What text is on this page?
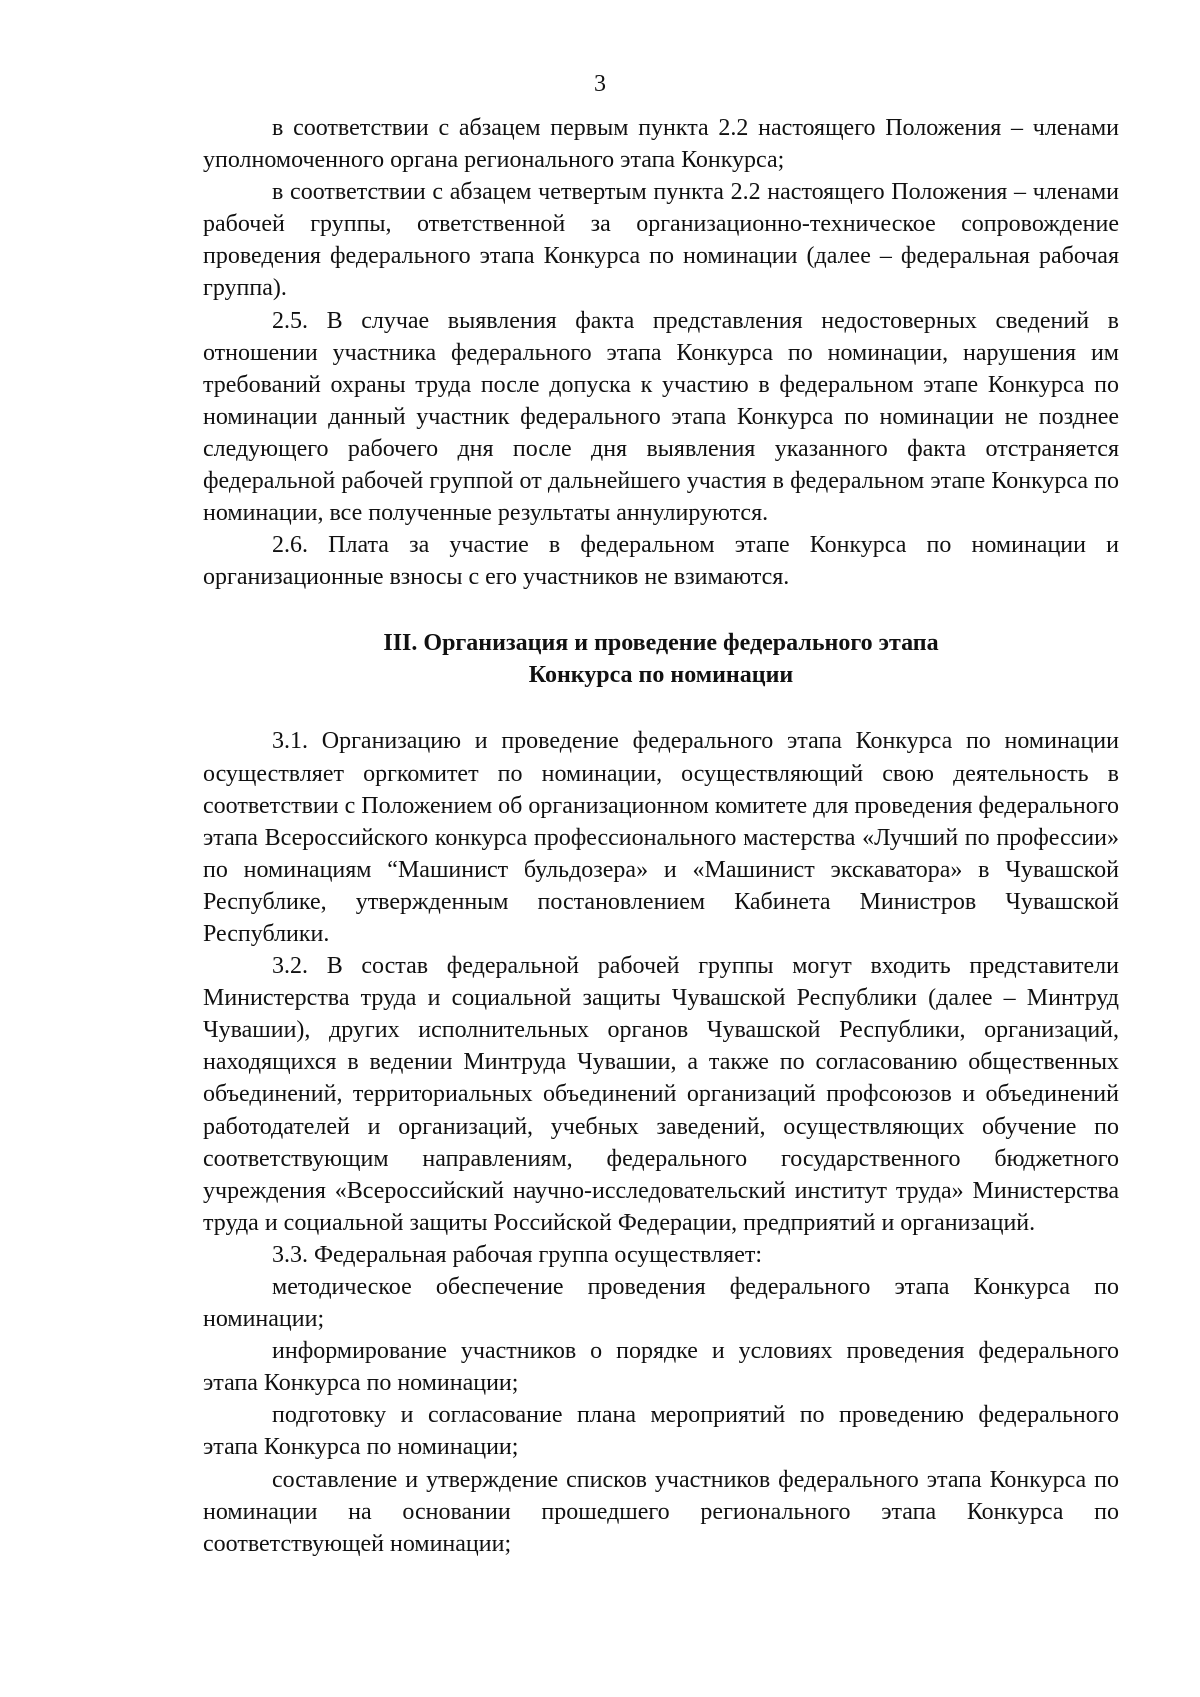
3

в соответствии с абзацем первым пункта 2.2 настоящего Положения – членами уполномоченного органа регионального этапа Конкурса;

в соответствии с абзацем четвертым пункта 2.2 настоящего Положения – членами рабочей группы, ответственной за организационно-техническое сопровождение проведения федерального этапа Конкурса по номинации (далее – федеральная рабочая группа).

2.5. В случае выявления факта представления недостоверных сведений в отношении участника федерального этапа Конкурса по номинации, нарушения им требований охраны труда после допуска к участию в федеральном этапе Конкурса по номинации данный участник федерального этапа Конкурса по номинации не позднее следующего рабочего дня после дня выявления указанного факта отстраняется федеральной рабочей группой от дальнейшего участия в федеральном этапе Конкурса по номинации, все полученные результаты аннулируются.

2.6. Плата за участие в федеральном этапе Конкурса по номинации и организационные взносы с его участников не взимаются.

III. Организация и проведение федерального этапа
Конкурса по номинации

3.1. Организацию и проведение федерального этапа Конкурса по номинации осуществляет оргкомитет по номинации, осуществляющий свою деятельность в соответствии с Положением об организационном комитете для проведения федерального этапа Всероссийского конкурса профессионального мастерства «Лучший по профессии» по номинациям “Машинист бульдозера» и «Машинист экскаватора» в Чувашской Республике, утвержденным постановлением Кабинета Министров Чувашской Республики.

3.2. В состав федеральной рабочей группы могут входить представители Министерства труда и социальной защиты Чувашской Республики (далее – Минтруд Чувашии), других исполнительных органов Чувашской Республики, организаций, находящихся в ведении Минтруда Чувашии, а также по согласованию общественных объединений, территориальных объединений организаций профсоюзов и объединений работодателей и организаций, учебных заведений, осуществляющих обучение по соответствующим направлениям, федерального государственного бюджетного учреждения «Всероссийский научно-исследовательский институт труда» Министерства труда и социальной защиты Российской Федерации, предприятий и организаций.

3.3. Федеральная рабочая группа осуществляет:

методическое обеспечение проведения федерального этапа Конкурса по номинации;

информирование участников о порядке и условиях проведения федерального этапа Конкурса по номинации;

подготовку и согласование плана мероприятий по проведению федерального этапа Конкурса по номинации;

составление и утверждение списков участников федерального этапа Конкурса по номинации на основании прошедшего регионального этапа Конкурса по соответствующей номинации;
